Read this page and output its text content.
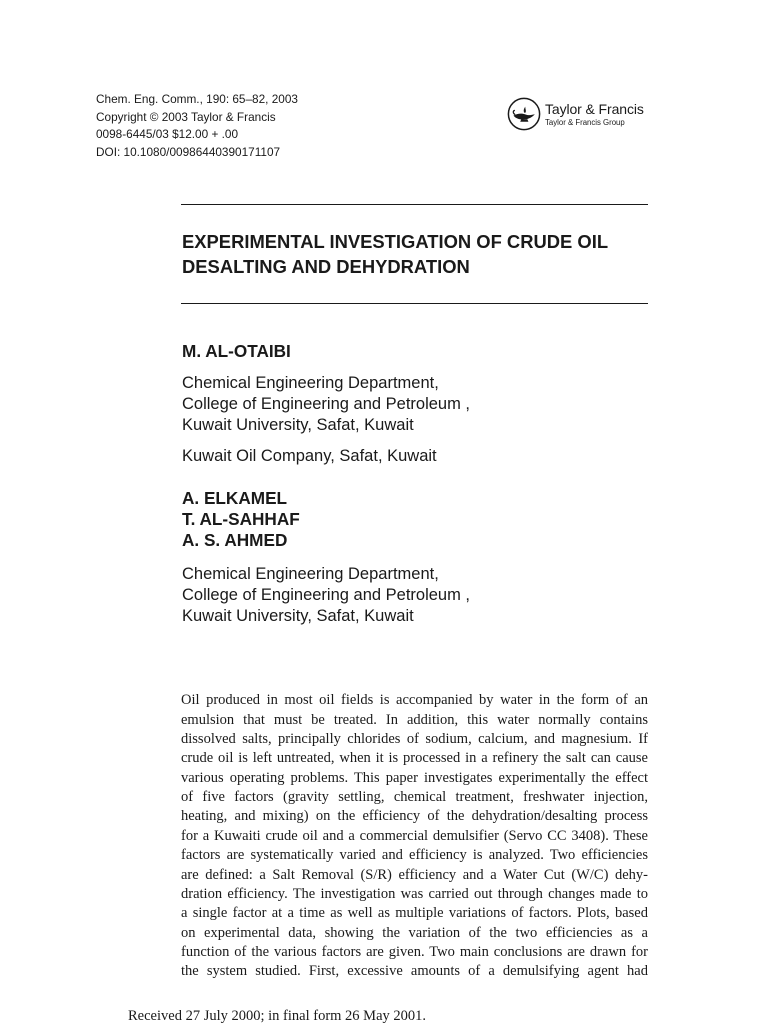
Chem. Eng. Comm., 190: 65–82, 2003
Copyright © 2003 Taylor & Francis
0098-6445/03 $12.00 + .00
DOI: 10.1080/00986440390171107
Taylor & Francis
Taylor & Francis Group
EXPERIMENTAL INVESTIGATION OF CRUDE OIL
DESALTING AND DEHYDRATION
M. AL-OTAIBI
Chemical Engineering Department,
College of Engineering and Petroleum ,
Kuwait University, Safat, Kuwait
Kuwait Oil Company, Safat, Kuwait
A. ELKAMEL
T. AL-SAHHAF
A. S. AHMED
Chemical Engineering Department,
College of Engineering and Petroleum ,
Kuwait University, Safat, Kuwait
Oil produced in most oil fields is accompanied by water in the form of an
emulsion that must be treated. In addition, this water normally contains
dissolved salts, principally chlorides of sodium, calcium, and magnesium. If
crude oil is left untreated, when it is processed in a refinery the salt can cause
various operating problems. This paper investigates experimentally the effect
of five factors (gravity settling, chemical treatment, freshwater injection,
heating, and mixing) on the efficiency of the dehydration/desalting process
for a Kuwaiti crude oil and a commercial demulsifier (Servo CC 3408). These
factors are systematically varied and efficiency is analyzed. Two efficiencies
are defined: a Salt Removal (S/R) efficiency and a Water Cut (W/C) dehy-
dration efficiency. The investigation was carried out through changes made to
a single factor at a time as well as multiple variations of factors. Plots, based
on experimental data, showing the variation of the two efficiencies as a
function of the various factors are given. Two main conclusions are drawn for
the system studied. First, excessive amounts of a demulsifying agent had
Received 27 July 2000; in final form 26 May 2001.
